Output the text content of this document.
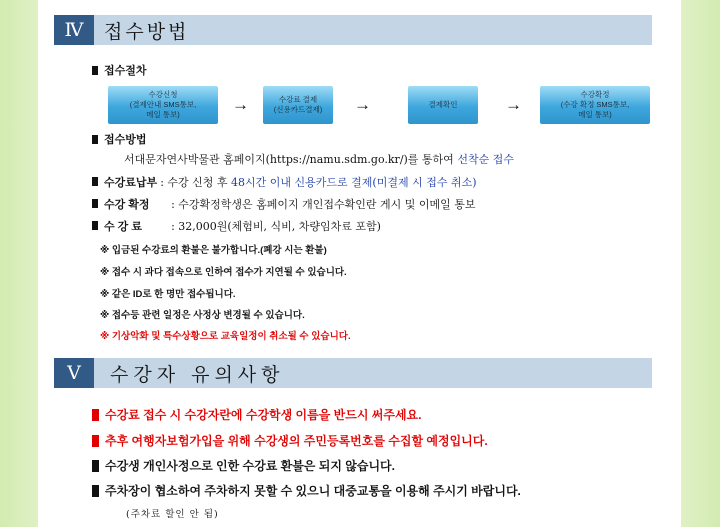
Ⅳ	접수방법
접수절차
수강신청
(결제안내 SMS통보,
메일 통보)
→	수강료 결제
(신용카드결제) →	결제확인	→
수강확정
(수강 확정 SMS통보,
메일 통보)
접수방법
서대문자연사박물관 홈페이지(https://namu.sdm.go.kr/)를 통하여 선착순 접수
수강료납부 : 수강 신청 후 48시간 이내 신용카드로 결제(미결제 시 접수 취소)
수강 확정 : 수강확정학생은 홈페이지 개인접수확인란 게시 및 이메일 통보
수 강 료	: 32,000원(체험비, 식비, 차량임차료 포함)
※ 입금된 수강료의 환불은 불가합니다.(폐강 시는 환불)
※ 접수 시 과다 접속으로 인하여 접수가 지연될 수 있습니다.
※ 같은 ID로 한 명만 접수됩니다.
※ 접수등 관련 일정은 사정상 변경될 수 있습니다.
※ 기상악화 및 특수상황으로 교육일정이 취소될 수 있습니다.
Ⅴ	수강자 유의사항
수강료 접수 시 수강자란에 수강학생 이름을 반드시 써주세요.
추후 여행자보험가입을 위해 수강생의 주민등록번호를 수집할 예정입니다.
수강생 개인사정으로 인한 수강료 환불은 되지 않습니다.
주차장이 협소하여 주차하지 못할 수 있으니 대중교통을 이용해 주시기 바랍니다.
(주차료 할인 안 됨)
